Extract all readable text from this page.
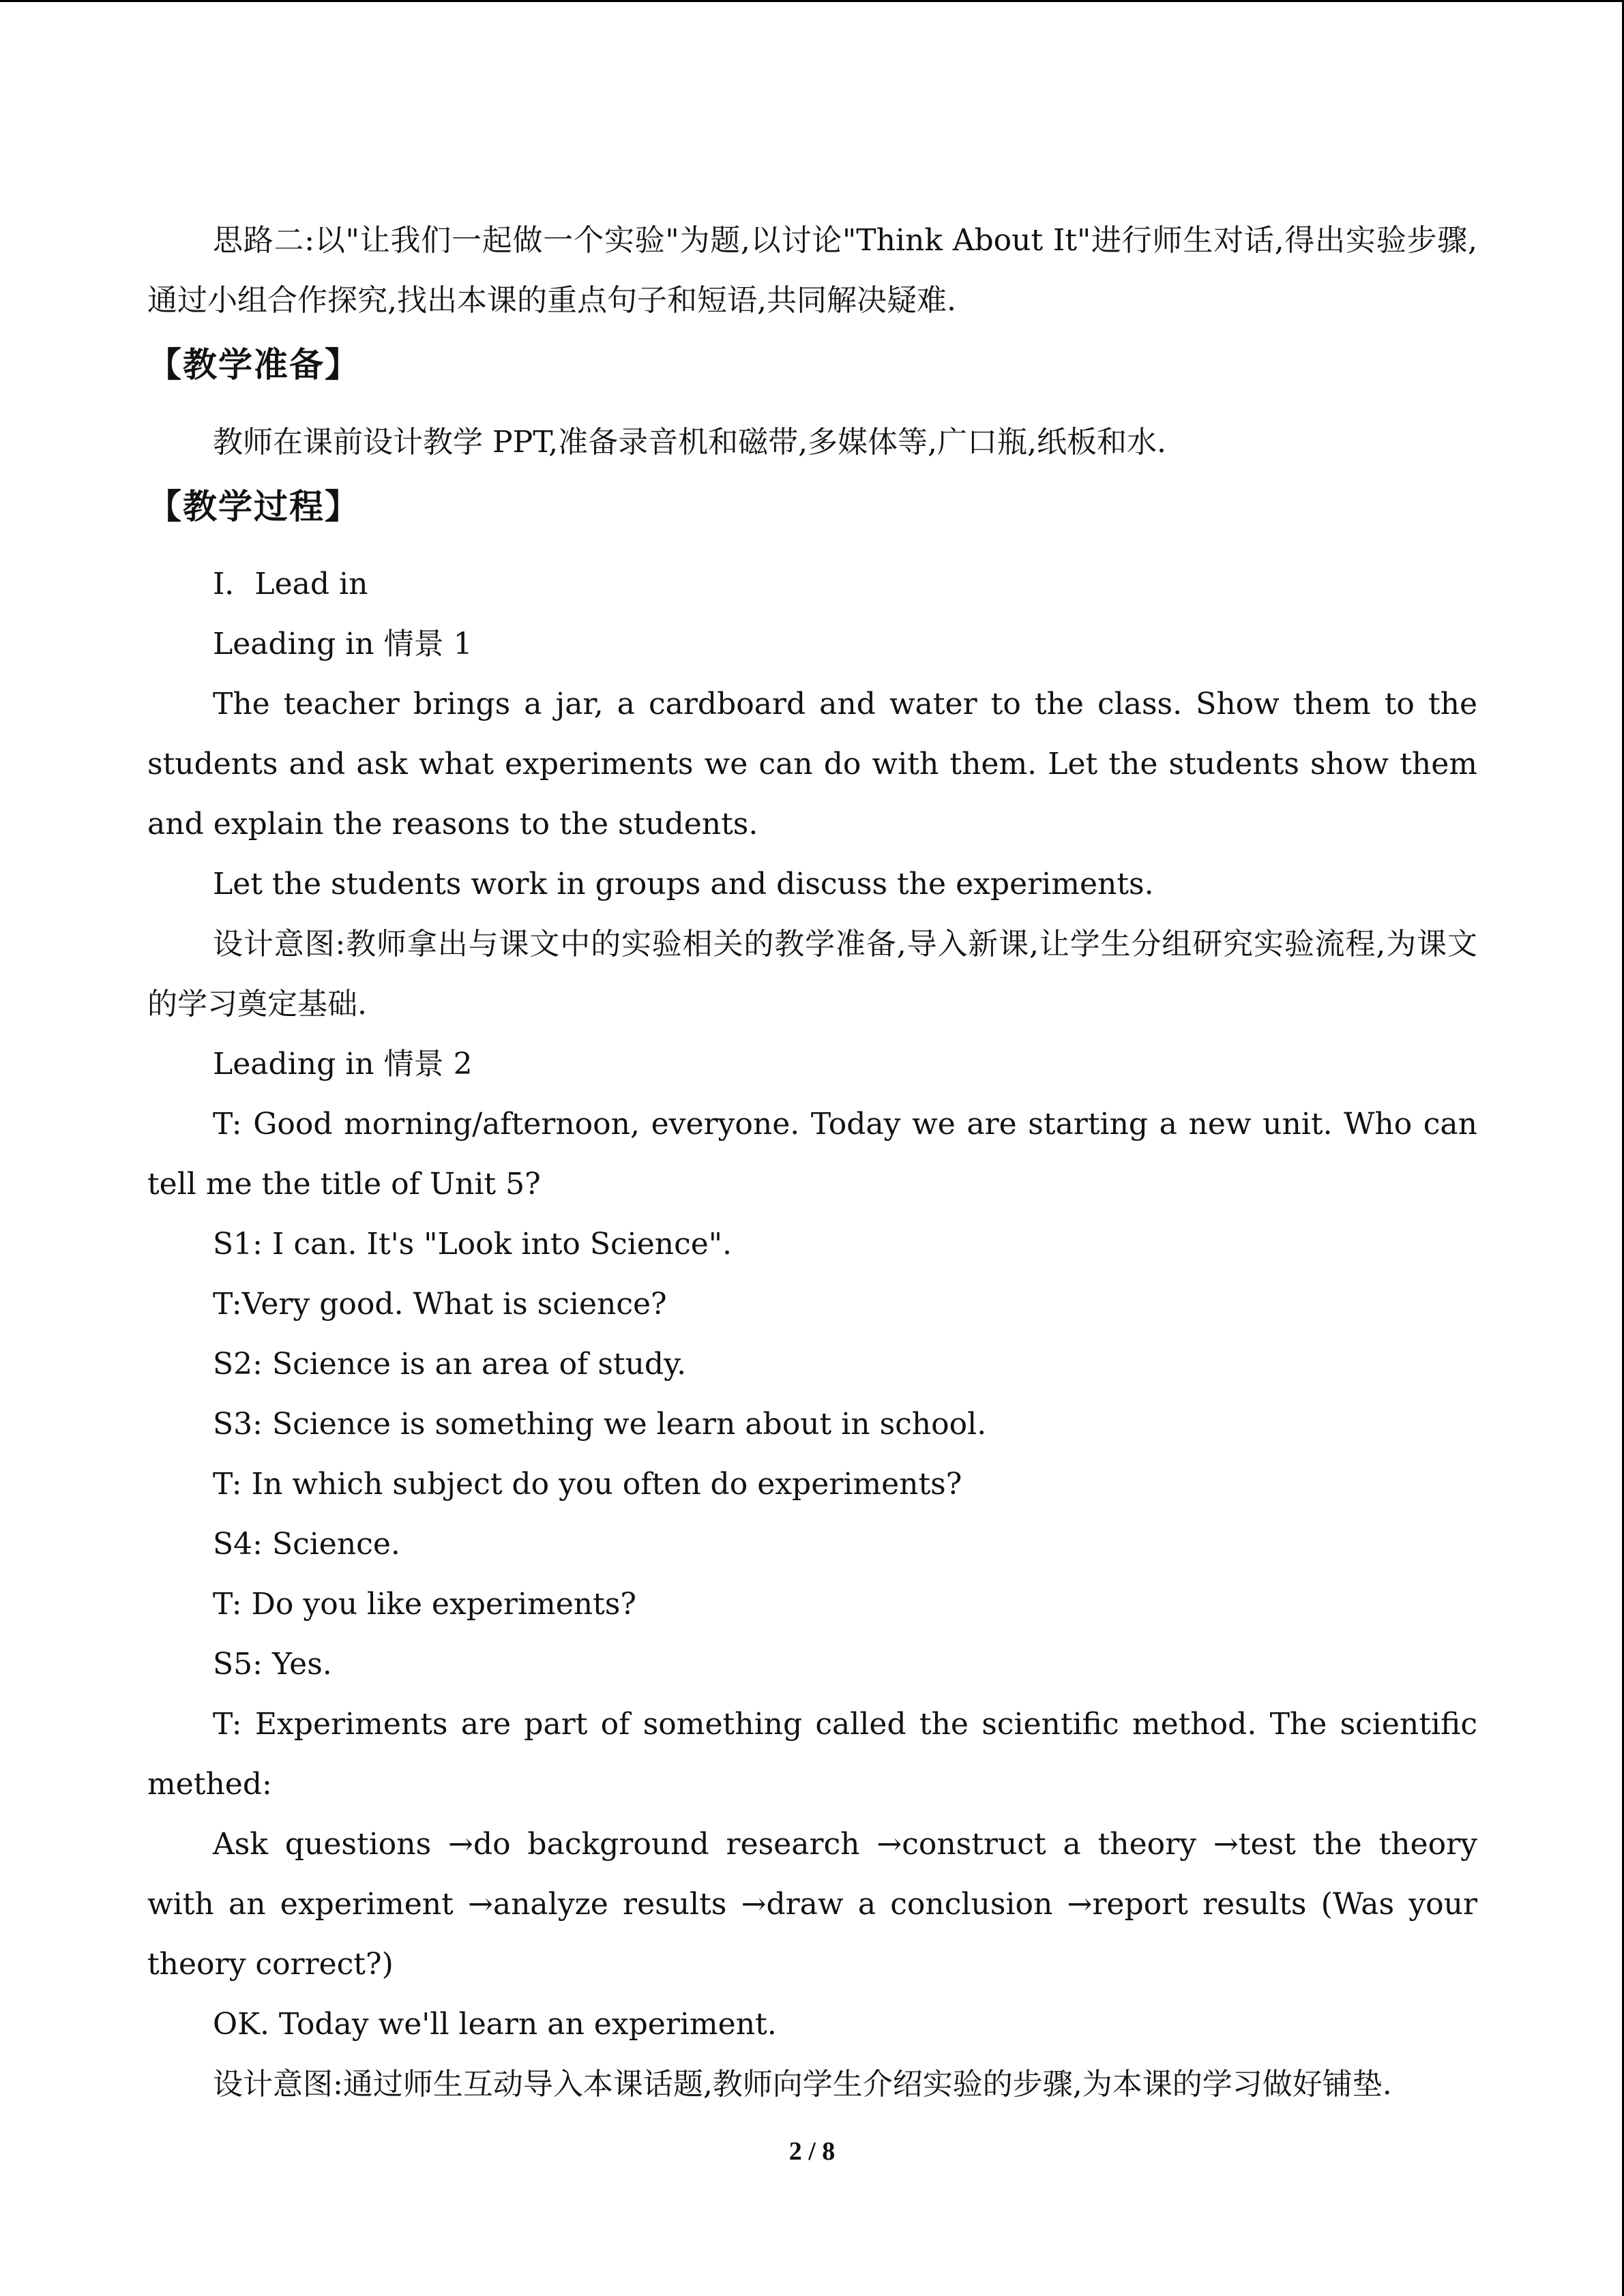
思路二:以"让我们一起做一个实验"为题,以讨论"Think About It"进行师生对话,得出实验步骤,通过小组合作探究,找出本课的重点句子和短语,共同解决疑难.

【教学准备】

教师在课前设计教学 PPT,准备录音机和磁带,多媒体等,广口瓶,纸板和水.

【教学过程】

Ⅰ．Lead in

Leading in 情景 1

The teacher brings a jar, a cardboard and water to the class. Show them to the students and ask what experiments we can do with them. Let the students show them and explain the reasons to the students.

Let the students work in groups and discuss the experiments.

设计意图:教师拿出与课文中的实验相关的教学准备,导入新课,让学生分组研究实验流程,为课文的学习奠定基础.

Leading in 情景 2

T: Good morning/afternoon, everyone. Today we are starting a new unit. Who can tell me the title of Unit 5?

S1: I can. It's "Look into Science".

T:Very good. What is science?

S2: Science is an area of study.

S3: Science is something we learn about in school.

T: In which subject do you often do experiments?

S4: Science.

T: Do you like experiments?

S5: Yes.

T: Experiments are part of something called the scientific method. The scientific methed:

Ask questions →do background research →construct a theory →test the theory with an experiment →analyze results →draw a conclusion →report results (Was your theory correct?)

OK. Today we'll learn an experiment.

设计意图:通过师生互动导入本课话题,教师向学生介绍实验的步骤,为本课的学习做好铺垫.

2 / 8
